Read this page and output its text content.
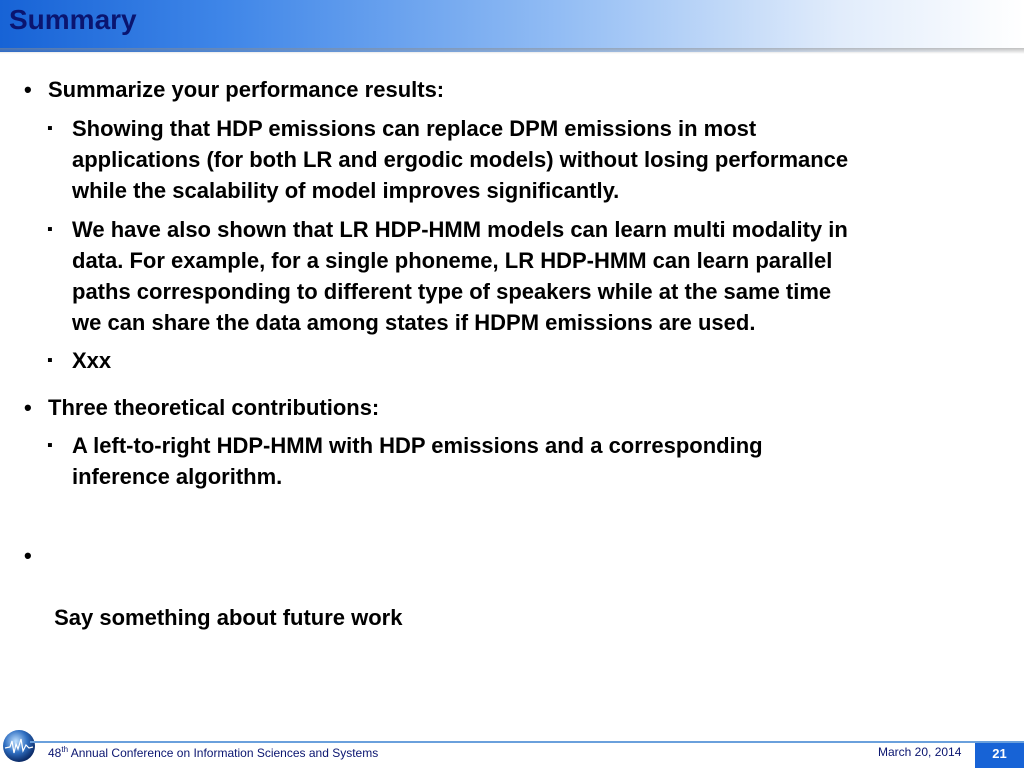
Summary
• Summarize your performance results:
▪ Showing that HDP emissions can replace DPM emissions in most
applications (for both LR and ergodic models) without losing performance
while the scalability of model improves significantly.
▪ We have also shown that LR HDP-HMM models can learn multi modality in
data. For example, for a single phoneme, LR HDP-HMM can learn parallel
paths corresponding to different type of speakers while at the same time
we can share the data among states if HDPM emissions are used.
▪ Xxx
• Three theoretical contributions:
▪ A left-to-right HDP-HMM with HDP emissions and a corresponding
inference algorithm.

•

Say something about future work

48th Annual Conference on Information Sciences and Systems	March 20, 2014	21
